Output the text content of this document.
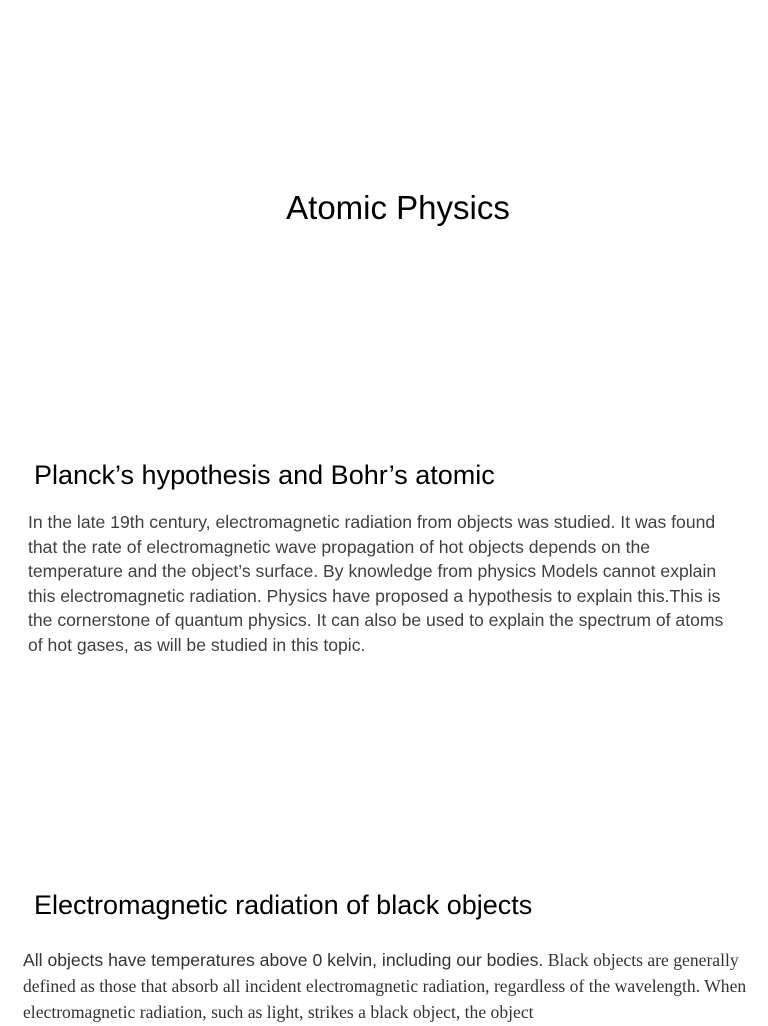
Atomic Physics
Planck’s hypothesis and Bohr’s atomic

In the late 19th century, electromagnetic radiation from objects was studied. It was found that the rate of electromagnetic wave propagation of hot objects depends on the temperature and the object’s surface. By knowledge from physics Models cannot explain this electromagnetic radiation. Physics have proposed a hypothesis to explain this.This is the cornerstone of quantum physics. It can also be used to explain the spectrum of atoms of hot gases, as will be studied in this topic.

Electromagnetic radiation of black objects

All objects have temperatures above 0 kelvin, including our bodies. Black objects are generally defined as those that absorb all incident electromagnetic radiation, regardless of the wavelength. When electromagnetic radiation, such as light, strikes a black object, the object
